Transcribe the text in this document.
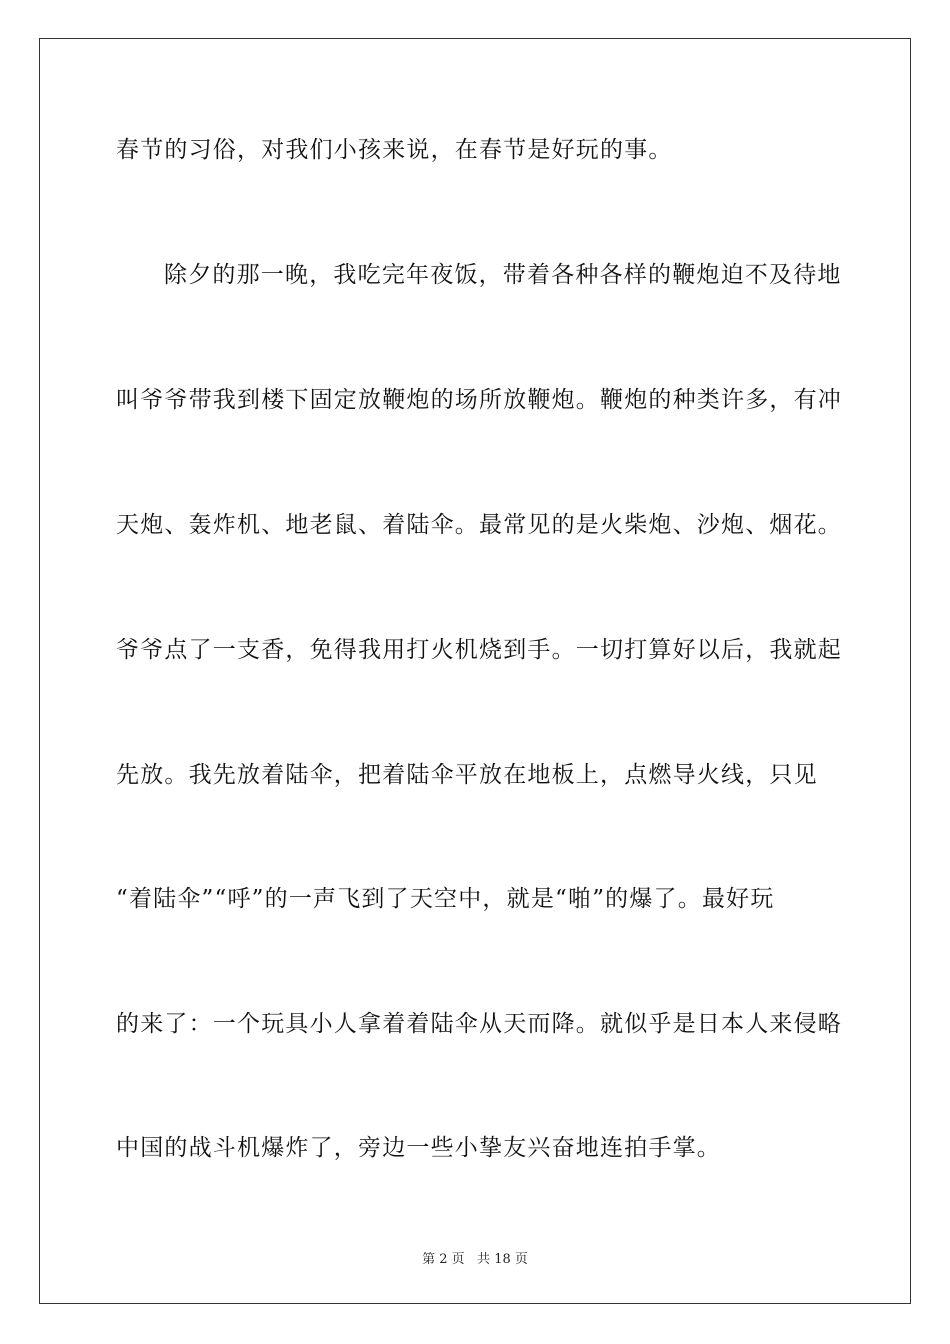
春节的习俗，对我们小孩来说，在春节是好玩的事。

除夕的那一晚，我吃完年夜饭，带着各种各样的鞭炮迫不及待地

叫爷爷带我到楼下固定放鞭炮的场所放鞭炮。鞭炮的种类许多，有冲

天炮、轰炸机、地老鼠、着陆伞。最常见的是火柴炮、沙炮、烟花。

爷爷点了一支香，免得我用打火机烧到手。一切打算好以后，我就起

先放。我先放着陆伞，把着陆伞平放在地板上，点燃导火线，只见

“着陆伞”“呼”的一声飞到了天空中，就是“啪”的爆了。最好玩

的来了：一个玩具小人拿着着陆伞从天而降。就似乎是日本人来侵略

中国的战斗机爆炸了，旁边一些小挚友兴奋地连拍手掌。

第 2 页   共 18 页
